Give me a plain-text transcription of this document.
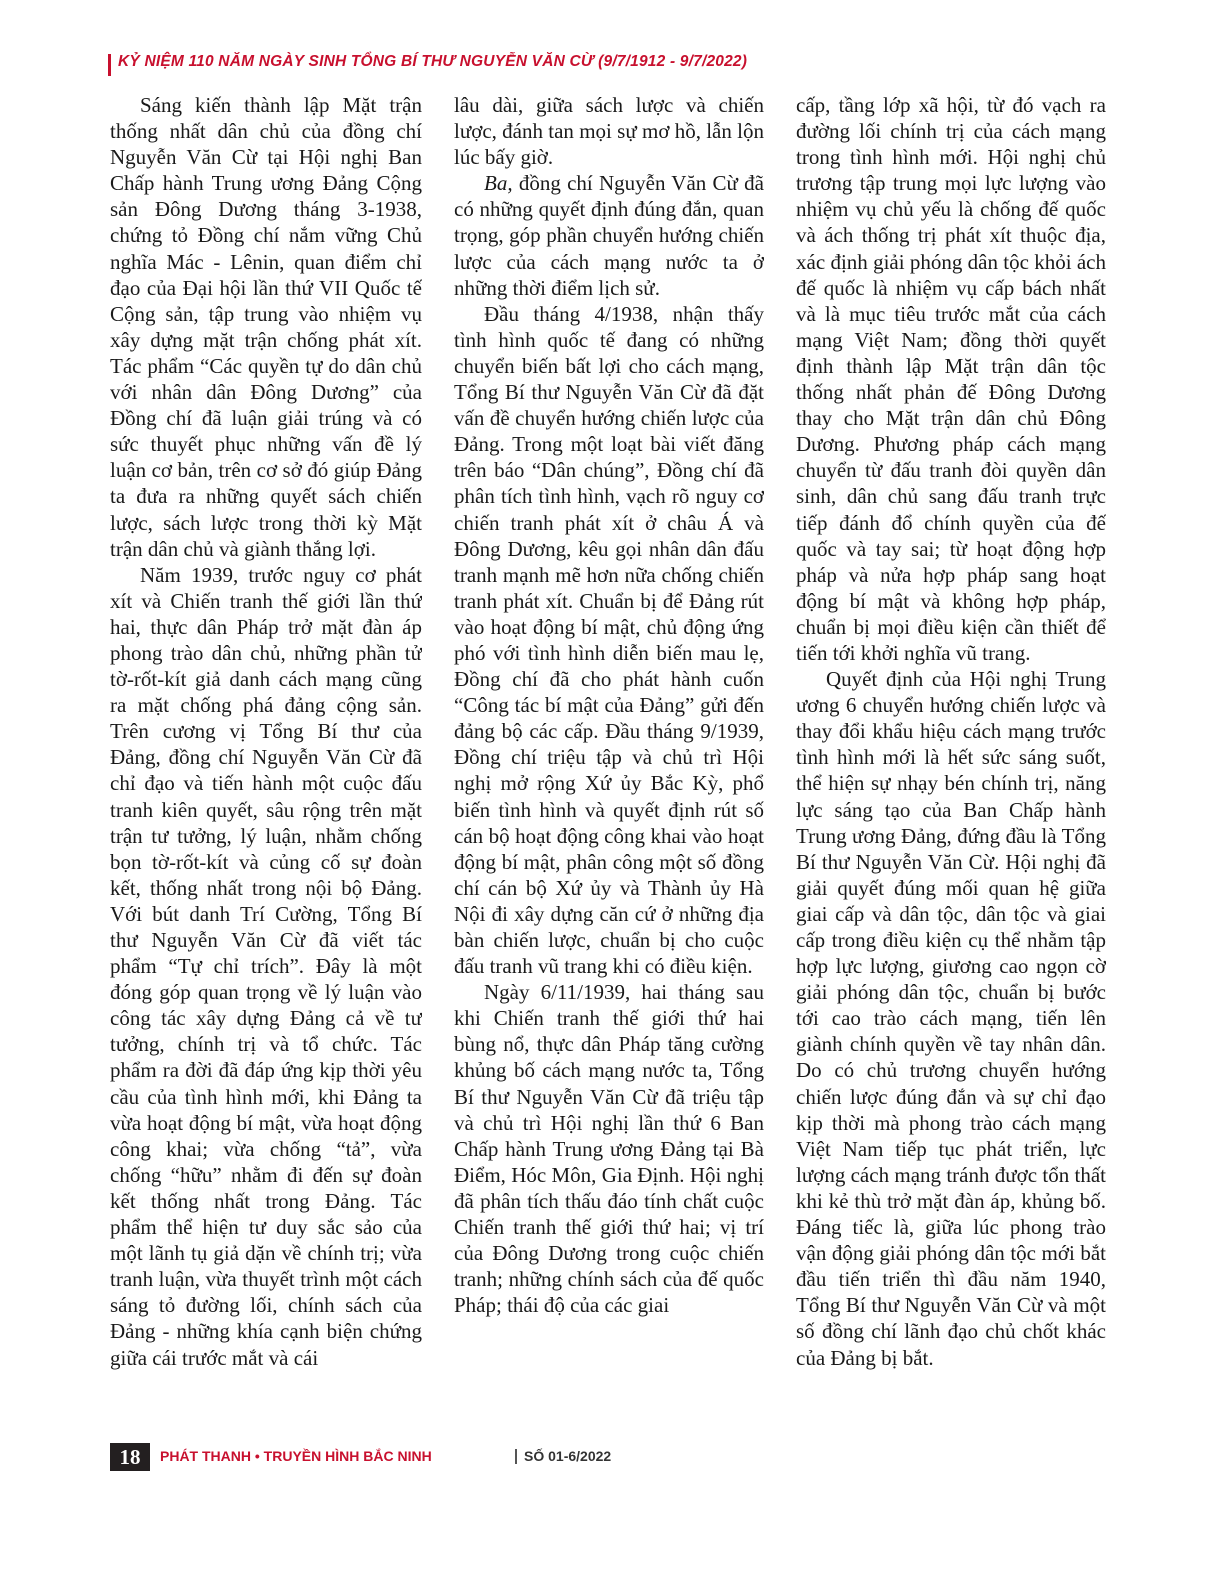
KỶ NIỆM 110 NĂM NGÀY SINH TỔNG BÍ THƯ NGUYỄN VĂN CỪ (9/7/1912 - 9/7/2022)

Sáng kiến thành lập Mặt trận thống nhất dân chủ của đồng chí Nguyễn Văn Cừ tại Hội nghị Ban Chấp hành Trung ương Đảng Cộng sản Đông Dương tháng 3-1938, chứng tỏ Đồng chí nắm vững Chủ nghĩa Mác - Lênin, quan điểm chỉ đạo của Đại hội lần thứ VII Quốc tế Cộng sản, tập trung vào nhiệm vụ xây dựng mặt trận chống phát xít. Tác phẩm “Các quyền tự do dân chủ với nhân dân Đông Dương” của Đồng chí đã luận giải trúng và có sức thuyết phục những vấn đề lý luận cơ bản, trên cơ sở đó giúp Đảng ta đưa ra những quyết sách chiến lược, sách lược trong thời kỳ Mặt trận dân chủ và giành thắng lợi.

Năm 1939, trước nguy cơ phát xít và Chiến tranh thế giới lần thứ hai, thực dân Pháp trở mặt đàn áp phong trào dân chủ, những phần tử tờ-rốt-kít giả danh cách mạng cũng ra mặt chống phá đảng cộng sản. Trên cương vị Tổng Bí thư của Đảng, đồng chí Nguyễn Văn Cừ đã chỉ đạo và tiến hành một cuộc đấu tranh kiên quyết, sâu rộng trên mặt trận tư tưởng, lý luận, nhằm chống bọn tờ-rốt-kít và củng cố sự đoàn kết, thống nhất trong nội bộ Đảng. Với bút danh Trí Cường, Tổng Bí thư Nguyễn Văn Cừ đã viết tác phẩm “Tự chỉ trích”. Đây là một đóng góp quan trọng về lý luận vào công tác xây dựng Đảng cả về tư tưởng, chính trị và tổ chức. Tác phẩm ra đời đã đáp ứng kịp thời yêu cầu của tình hình mới, khi Đảng ta vừa hoạt động bí mật, vừa hoạt động công khai; vừa chống “tả”, vừa chống “hữu” nhằm đi đến sự đoàn kết thống nhất trong Đảng. Tác phẩm thể hiện tư duy sắc sảo của một lãnh tụ giả dặn về chính trị; vừa tranh luận, vừa thuyết trình một cách sáng tỏ đường lối, chính sách của Đảng - những khía cạnh biện chứng giữa cái trước mắt và cái

lâu dài, giữa sách lược và chiến lược, đánh tan mọi sự mơ hồ, lẫn lộn lúc bấy giờ.

Ba, đồng chí Nguyễn Văn Cừ đã có những quyết định đúng đắn, quan trọng, góp phần chuyển hướng chiến lược của cách mạng nước ta ở những thời điểm lịch sử.

Đầu tháng 4/1938, nhận thấy tình hình quốc tế đang có những chuyển biến bất lợi cho cách mạng, Tổng Bí thư Nguyễn Văn Cừ đã đặt vấn đề chuyển hướng chiến lược của Đảng. Trong một loạt bài viết đăng trên báo “Dân chúng”, Đồng chí đã phân tích tình hình, vạch rõ nguy cơ chiến tranh phát xít ở châu Á và Đông Dương, kêu gọi nhân dân đấu tranh mạnh mẽ hơn nữa chống chiến tranh phát xít. Chuẩn bị để Đảng rút vào hoạt động bí mật, chủ động ứng phó với tình hình diễn biến mau lẹ, Đồng chí đã cho phát hành cuốn “Công tác bí mật của Đảng” gửi đến đảng bộ các cấp. Đầu tháng 9/1939, Đồng chí triệu tập và chủ trì Hội nghị mở rộng Xứ ủy Bắc Kỳ, phổ biến tình hình và quyết định rút số cán bộ hoạt động công khai vào hoạt động bí mật, phân công một số đồng chí cán bộ Xứ ủy và Thành ủy Hà Nội đi xây dựng căn cứ ở những địa bàn chiến lược, chuẩn bị cho cuộc đấu tranh vũ trang khi có điều kiện.

Ngày 6/11/1939, hai tháng sau khi Chiến tranh thế giới thứ hai bùng nổ, thực dân Pháp tăng cường khủng bố cách mạng nước ta, Tổng Bí thư Nguyễn Văn Cừ đã triệu tập và chủ trì Hội nghị lần thứ 6 Ban Chấp hành Trung ương Đảng tại Bà Điểm, Hóc Môn, Gia Định. Hội nghị đã phân tích thấu đáo tính chất cuộc Chiến tranh thế giới thứ hai; vị trí của Đông Dương trong cuộc chiến tranh; những chính sách của đế quốc Pháp; thái độ của các giai

cấp, tầng lớp xã hội, từ đó vạch ra đường lối chính trị của cách mạng trong tình hình mới. Hội nghị chủ trương tập trung mọi lực lượng vào nhiệm vụ chủ yếu là chống đế quốc và ách thống trị phát xít thuộc địa, xác định giải phóng dân tộc khỏi ách đế quốc là nhiệm vụ cấp bách nhất và là mục tiêu trước mắt của cách mạng Việt Nam; đồng thời quyết định thành lập Mặt trận dân tộc thống nhất phản đế Đông Dương thay cho Mặt trận dân chủ Đông Dương. Phương pháp cách mạng chuyển từ đấu tranh đòi quyền dân sinh, dân chủ sang đấu tranh trực tiếp đánh đổ chính quyền của đế quốc và tay sai; từ hoạt động hợp pháp và nửa hợp pháp sang hoạt động bí mật và không hợp pháp, chuẩn bị mọi điều kiện cần thiết để tiến tới khởi nghĩa vũ trang.

Quyết định của Hội nghị Trung ương 6 chuyển hướng chiến lược và thay đổi khẩu hiệu cách mạng trước tình hình mới là hết sức sáng suốt, thể hiện sự nhạy bén chính trị, năng lực sáng tạo của Ban Chấp hành Trung ương Đảng, đứng đầu là Tổng Bí thư Nguyễn Văn Cừ. Hội nghị đã giải quyết đúng mối quan hệ giữa giai cấp và dân tộc, dân tộc và giai cấp trong điều kiện cụ thể nhằm tập hợp lực lượng, giương cao ngọn cờ giải phóng dân tộc, chuẩn bị bước tới cao trào cách mạng, tiến lên giành chính quyền về tay nhân dân. Do có chủ trương chuyển hướng chiến lược đúng đắn và sự chỉ đạo kịp thời mà phong trào cách mạng Việt Nam tiếp tục phát triển, lực lượng cách mạng tránh được tổn thất khi kẻ thù trở mặt đàn áp, khủng bố. Đáng tiếc là, giữa lúc phong trào vận động giải phóng dân tộc mới bắt đầu tiến triển thì đầu năm 1940, Tổng Bí thư Nguyễn Văn Cừ và một số đồng chí lãnh đạo chủ chốt khác của Đảng bị bắt.

18	PHÁT THANH • TRUYỀN HÌNH BẮC NINH	SỐ 01-6/2022
